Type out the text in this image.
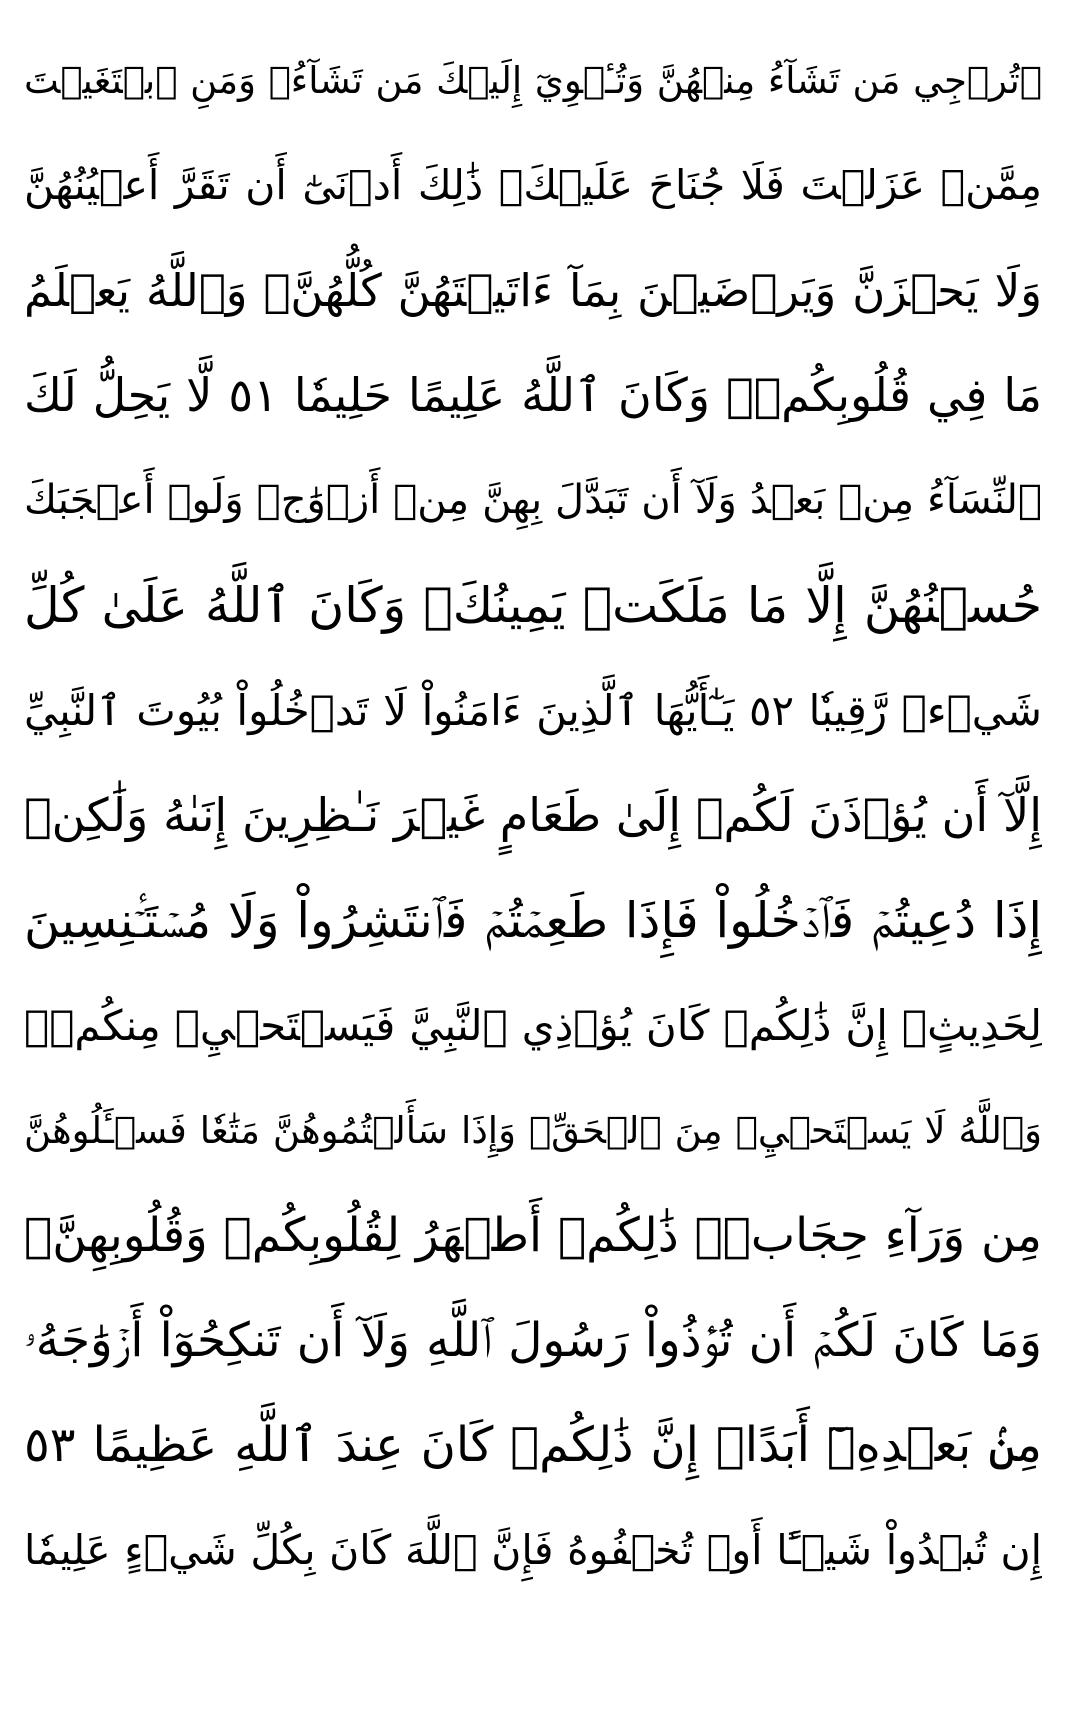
۞تُرۡجِي مَن تَشَآءُ مِنۡهُنَّ وَتُـٔۡوِيٓ إِلَيۡكَ مَن تَشَآءُۖ وَمَنِ ٱبۡتَغَيۡتَ
مِمَّنۡ عَزَلۡتَ فَلَا جُنَاحَ عَلَيۡكَۚ ذَٰلِكَ أَدۡنَىٰٓ أَن تَقَرَّ أَعۡيُنُهُنَّ
وَلَا يَحۡزَنَّ وَيَرۡضَيۡنَ بِمَآ ءَاتَيۡتَهُنَّ كُلُّهُنَّۚ وَٱللَّهُ يَعۡلَمُ
مَا فِي قُلُوبِكُمۡۚ وَكَانَ ٱللَّهُ عَلِيمًا حَلِيمٗا ٥١ لَّا يَحِلُّ لَكَ
ٱلنِّسَآءُ مِنۢ بَعۡدُ وَلَآ أَن تَبَدَّلَ بِهِنَّ مِنۡ أَزۡوَٰجٖ وَلَوۡ أَعۡجَبَكَ
حُسۡنُهُنَّ إِلَّا مَا مَلَكَتۡ يَمِينُكَۗ وَكَانَ ٱللَّهُ عَلَىٰ كُلِّ
شَيۡءٖ رَّقِيبٗا ٥٢ يَـٰٓأَيُّهَا ٱلَّذِينَ ءَامَنُواْ لَا تَدۡخُلُواْ بُيُوتَ ٱلنَّبِيِّ
إِلَّآ أَن يُؤۡذَنَ لَكُمۡ إِلَىٰ طَعَامٍ غَيۡرَ نَـٰظِرِينَ إِنَىٰهُ وَلَٰكِنۡ
إِذَا دُعِيتُمۡ فَٱدۡخُلُواْ فَإِذَا طَعِمۡتُمۡ فَٱنتَشِرُواْ وَلَا مُسۡتَـٔۡنِسِينَ
لِحَدِيثٍۚ إِنَّ ذَٰلِكُمۡ كَانَ يُؤۡذِي ٱلنَّبِيَّ فَيَسۡتَحۡيِۦ مِنكُمۡۖ
وَٱللَّهُ لَا يَسۡتَحۡيِۦ مِنَ ٱلۡحَقِّۚ وَإِذَا سَأَلۡتُمُوهُنَّ مَتَٰعٗا فَسۡـَٔلُوهُنَّ
مِن وَرَآءِ حِجَابٖۚ ذَٰلِكُمۡ أَطۡهَرُ لِقُلُوبِكُمۡ وَقُلُوبِهِنَّۚ
وَمَا كَانَ لَكُمۡ أَن تُؤۡذُواْ رَسُولَ ٱللَّهِ وَلَآ أَن تَنكِحُوٓاْ أَزۡوَٰجَهُۥ
مِنۢ بَعۡدِهِۦٓ أَبَدًاۚ إِنَّ ذَٰلِكُمۡ كَانَ عِندَ ٱللَّهِ عَظِيمًا ٥٣
إِن تُبۡدُواْ شَيۡـًٔا أَوۡ تُخۡفُوهُ فَإِنَّ ٱللَّهَ كَانَ بِكُلِّ شَيۡءٍ عَلِيمٗا
